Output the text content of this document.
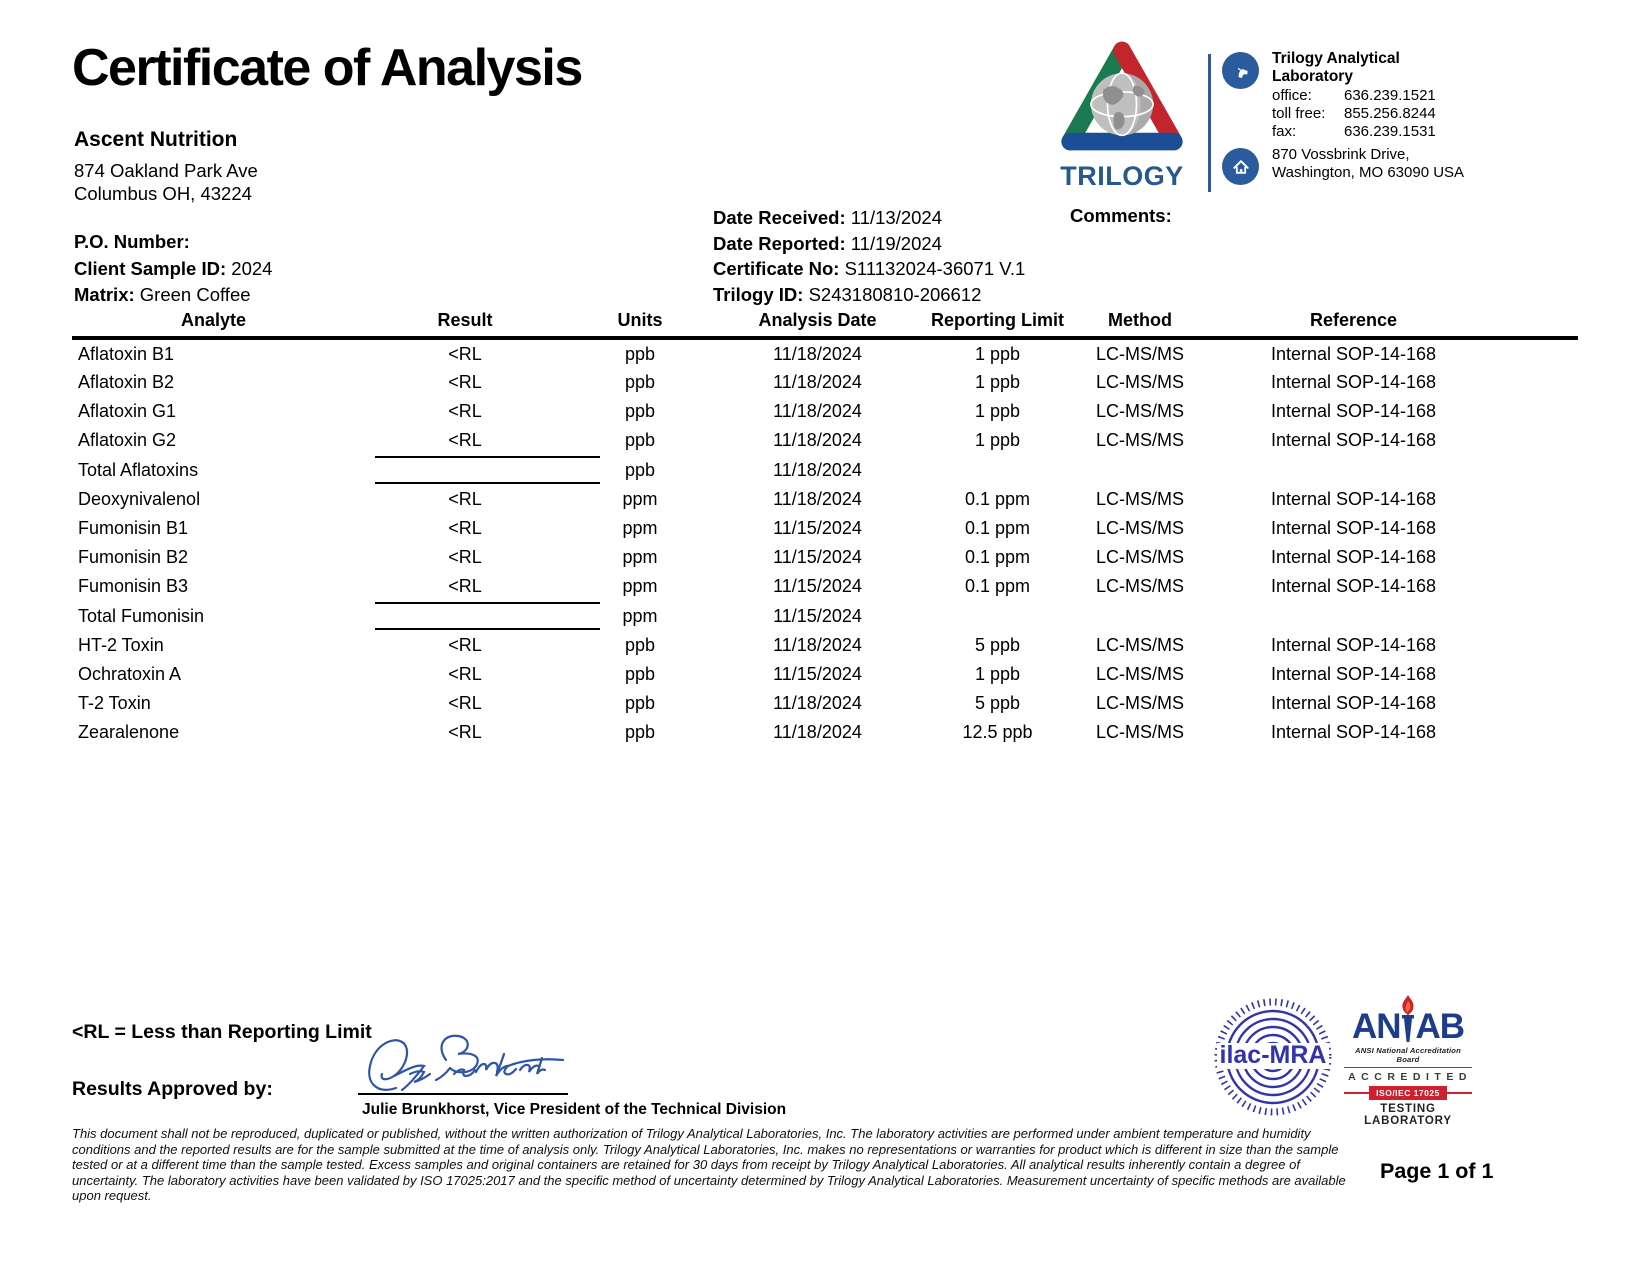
Certificate of Analysis
Ascent Nutrition
874 Oakland Park Ave
Columbus OH, 43224
P.O. Number:
Client Sample ID: 2024
Matrix: Green Coffee
Date Received: 11/13/2024
Date Reported: 11/19/2024
Certificate No: S11132024-36071 V.1
Trilogy ID: S243180810-206612
Comments:
TRILOGY
Trilogy Analytical Laboratory
office:	636.239.1521
toll free:	855.256.8244
fax:	636.239.1531
870 Vossbrink Drive,
Washington, MO 63090 USA
Analyte	Result	Units	Analysis Date	Reporting Limit	Method	Reference
Aflatoxin B1	<RL	ppb	11/18/2024	1 ppb	LC-MS/MS	Internal SOP-14-168
Aflatoxin B2	<RL	ppb	11/18/2024	1 ppb	LC-MS/MS	Internal SOP-14-168
Aflatoxin G1	<RL	ppb	11/18/2024	1 ppb	LC-MS/MS	Internal SOP-14-168
Aflatoxin G2	<RL	ppb	11/18/2024	1 ppb	LC-MS/MS	Internal SOP-14-168
Total Aflatoxins		ppb	11/18/2024			
Deoxynivalenol	<RL	ppm	11/18/2024	0.1 ppm	LC-MS/MS	Internal SOP-14-168
Fumonisin B1	<RL	ppm	11/15/2024	0.1 ppm	LC-MS/MS	Internal SOP-14-168
Fumonisin B2	<RL	ppm	11/15/2024	0.1 ppm	LC-MS/MS	Internal SOP-14-168
Fumonisin B3	<RL	ppm	11/15/2024	0.1 ppm	LC-MS/MS	Internal SOP-14-168
Total Fumonisin		ppm	11/15/2024			
HT-2 Toxin	<RL	ppb	11/18/2024	5 ppb	LC-MS/MS	Internal SOP-14-168
Ochratoxin A	<RL	ppb	11/15/2024	1 ppb	LC-MS/MS	Internal SOP-14-168
T-2 Toxin	<RL	ppb	11/18/2024	5 ppb	LC-MS/MS	Internal SOP-14-168
Zearalenone	<RL	ppb	11/18/2024	12.5 ppb	LC-MS/MS	Internal SOP-14-168
<RL = Less than Reporting Limit
Results Approved by:
Julie Brunkhorst, Vice President of the Technical Division
This document shall not be reproduced, duplicated or published, without the written authorization of Trilogy Analytical Laboratories, Inc. The laboratory activities are performed under ambient temperature and humidity conditions and the reported results are for the sample submitted at the time of analysis only. Trilogy Analytical Laboratories, Inc. makes no representations or warranties for product which is different in size than the sample tested or at a different time than the sample tested. Excess samples and original containers are retained for 30 days from receipt by Trilogy Analytical Laboratories. All analytical results inherently contain a degree of uncertainty. The laboratory activities have been validated by ISO 17025:2017 and the specific method of uncertainty determined by Trilogy Analytical Laboratories. Measurement uncertainty of specific methods are available upon request.
Page 1 of 1
ilac-MRA
AN AB
ANSI National Accreditation Board
ACCREDITED
ISO/IEC 17025
TESTING LABORATORY
